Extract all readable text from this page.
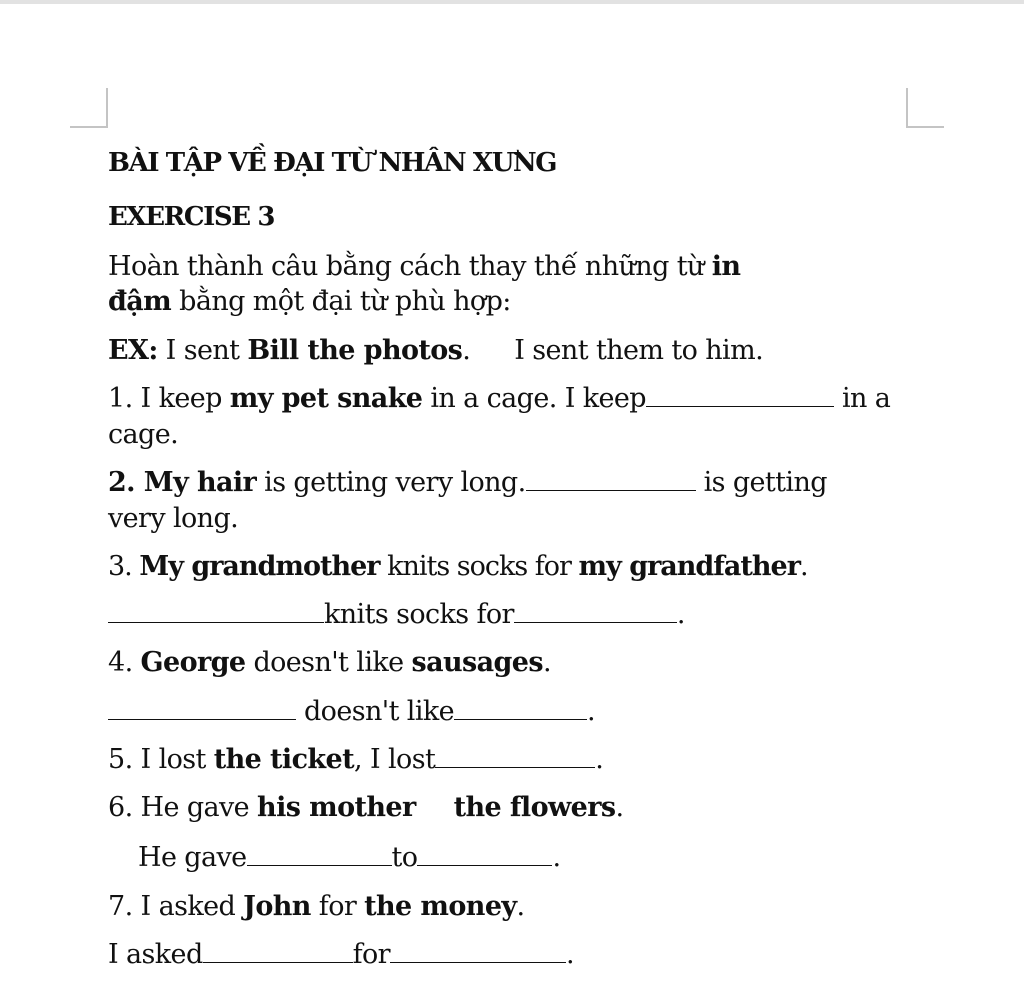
BÀI TẬP VỀ ĐẠI TỪ NHÂN XƯNG

EXERCISE 3

Hoàn thành câu bằng cách thay thế những từ in

đậm bằng một đại từ phù hợp:

EX: I sent Bill the photos. I sent them to him.

1. I keep my pet snake in a cage. I keep	in a

cage.

2. My hair is getting very long.	is getting

very long.

3. My grandmother knits socks for my grandfather.

knits socks for	.

4. George doesn't like sausages.

doesn't like	.

5. I lost the ticket, I lost	.

6. He gave his mother the flowers.

He gave	to	.

7. I asked John for the money.

I asked	for	.
